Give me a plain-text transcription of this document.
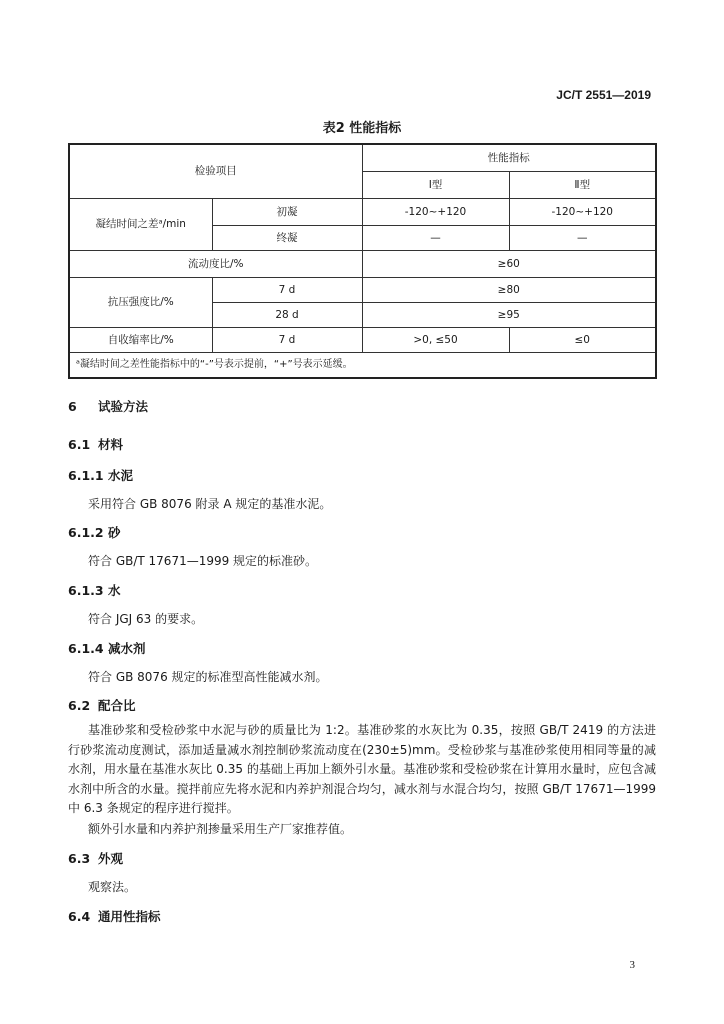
JC/T 2551—2019
表2 性能指标
检验项目		性能指标	
		Ⅰ型	Ⅱ型
凝结时间之差ᵃ/min	初凝	-120~+120	-120~+120
	终凝	—	—
流动度比/%		≥60	
抗压强度比/%	7 d	≥80	
	28 d	≥95	
自收缩率比/%	7 d	>0, ≤50	≤0
ᵃ凝结时间之差性能指标中的“-”号表示提前，“+”号表示延缓。			
6 试验方法
6.1 材料
6.1.1 水泥
采用符合 GB 8076 附录 A 规定的基准水泥。
6.1.2 砂
符合 GB/T 17671—1999 规定的标准砂。
6.1.3 水
符合 JGJ 63 的要求。
6.1.4 减水剂
符合 GB 8076 规定的标准型高性能减水剂。
6.2 配合比
基准砂浆和受检砂浆中水泥与砂的质量比为 1:2。基准砂浆的水灰比为 0.35，按照 GB/T 2419 的方法进行砂浆流动度测试，添加适量减水剂控制砂浆流动度在(230±5)mm。受检砂浆与基准砂浆使用相同等量的减水剂，用水量在基准水灰比 0.35 的基础上再加上额外引水量。基准砂浆和受检砂浆在计算用水量时，应包含减水剂中所含的水量。搅拌前应先将水泥和内养护剂混合均匀，减水剂与水混合均匀，按照 GB/T 17671—1999 中 6.3 条规定的程序进行搅拌。
额外引水量和内养护剂掺量采用生产厂家推荐值。
6.3 外观
观察法。
6.4 通用性指标
3
